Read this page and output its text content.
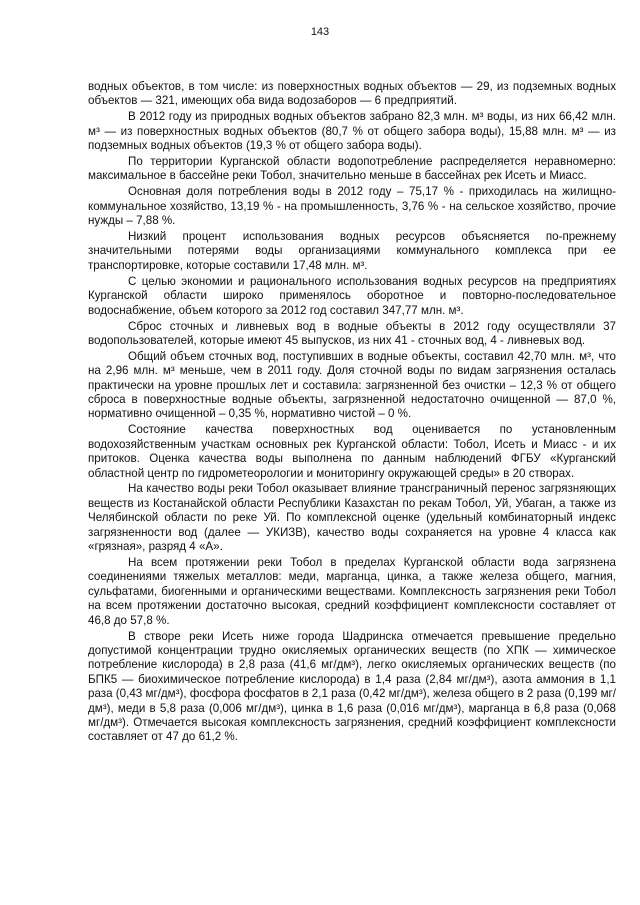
143

водных объектов, в том числе: из поверхностных водных объектов — 29, из подземных водных объектов — 321, имеющих оба вида водозаборов — 6 предприятий.

В 2012 году из природных водных объектов забрано 82,3 млн. м³ воды, из них 66,42 млн. м³ — из поверхностных водных объектов (80,7 % от общего забора воды), 15,88 млн. м³ — из подземных водных объектов (19,3 % от общего забора воды).

По территории Курганской области водопотребление распределяется неравномерно: максимальное в бассейне реки Тобол, значительно меньше в бассейнах рек Исеть и Миасс.

Основная доля потребления воды в 2012 году – 75,17 % - приходилась на жилищно-коммунальное хозяйство, 13,19 % - на промышленность, 3,76 % - на сельское хозяйство, прочие нужды – 7,88 %.

Низкий процент использования водных ресурсов объясняется по-прежнему значительными потерями воды организациями коммунального комплекса при ее транспортировке, которые составили 17,48 млн. м³.

С целью экономии и рационального использования водных ресурсов на предприятиях Курганской области широко применялось оборотное и повторно-последовательное водоснабжение, объем которого за 2012 год составил 347,77 млн. м³.

Сброс сточных и ливневых вод в водные объекты в 2012 году осуществляли 37 водопользователей, которые имеют 45 выпусков, из них 41 - сточных вод, 4 - ливневых вод.

Общий объем сточных вод, поступивших в водные объекты, составил 42,70 млн. м³, что на 2,96 млн. м³ меньше, чем в 2011 году. Доля сточной воды по видам загрязнения осталась практически на уровне прошлых лет и составила: загрязненной без очистки – 12,3 % от общего сброса в поверхностные водные объекты, загрязненной недостаточно очищенной — 87,0 %, нормативно очищенной – 0,35 %, нормативно чистой – 0 %.

Состояние качества поверхностных вод оценивается по установленным водохозяйственным участкам основных рек Курганской области: Тобол, Исеть и Миасс - и их притоков. Оценка качества воды выполнена по данным наблюдений ФГБУ «Курганский областной центр по гидрометеорологии и мониторингу окружающей среды» в 20 створах.

На качество воды реки Тобол оказывает влияние трансграничный перенос загрязняющих веществ из Костанайской области Республики Казахстан по рекам Тобол, Уй, Убаган, а также из Челябинской области по реке Уй. По комплексной оценке (удельный комбинаторный индекс загрязненности вод (далее — УКИЗВ), качество воды сохраняется на уровне 4 класса как «грязная», разряд 4 «А».

На всем протяжении реки Тобол в пределах Курганской области вода загрязнена соединениями тяжелых металлов: меди, марганца, цинка, а также железа общего, магния, сульфатами, биогенными и органическими веществами. Комплексность загрязнения реки Тобол на всем протяжении достаточно высокая, средний коэффициент комплексности составляет от 46,8 до 57,8 %.

В створе реки Исеть ниже города Шадринска отмечается превышение предельно допустимой концентрации трудно окисляемых органических веществ (по ХПК — химическое потребление кислорода) в 2,8 раза (41,6 мг/дм³), легко окисляемых органических веществ (по БПК5 — биохимическое потребление кислорода) в 1,4 раза (2,84 мг/дм³), азота аммония в 1,1 раза (0,43 мг/дм³), фосфора фосфатов в 2,1 раза (0,42 мг/дм³), железа общего в 2 раза (0,199 мг/дм³), меди в 5,8 раза (0,006 мг/дм³), цинка в 1,6 раза (0,016 мг/дм³), марганца в 6,8 раза (0,068 мг/дм³). Отмечается высокая комплексность загрязнения, средний коэффициент комплексности составляет от 47 до 61,2 %.
